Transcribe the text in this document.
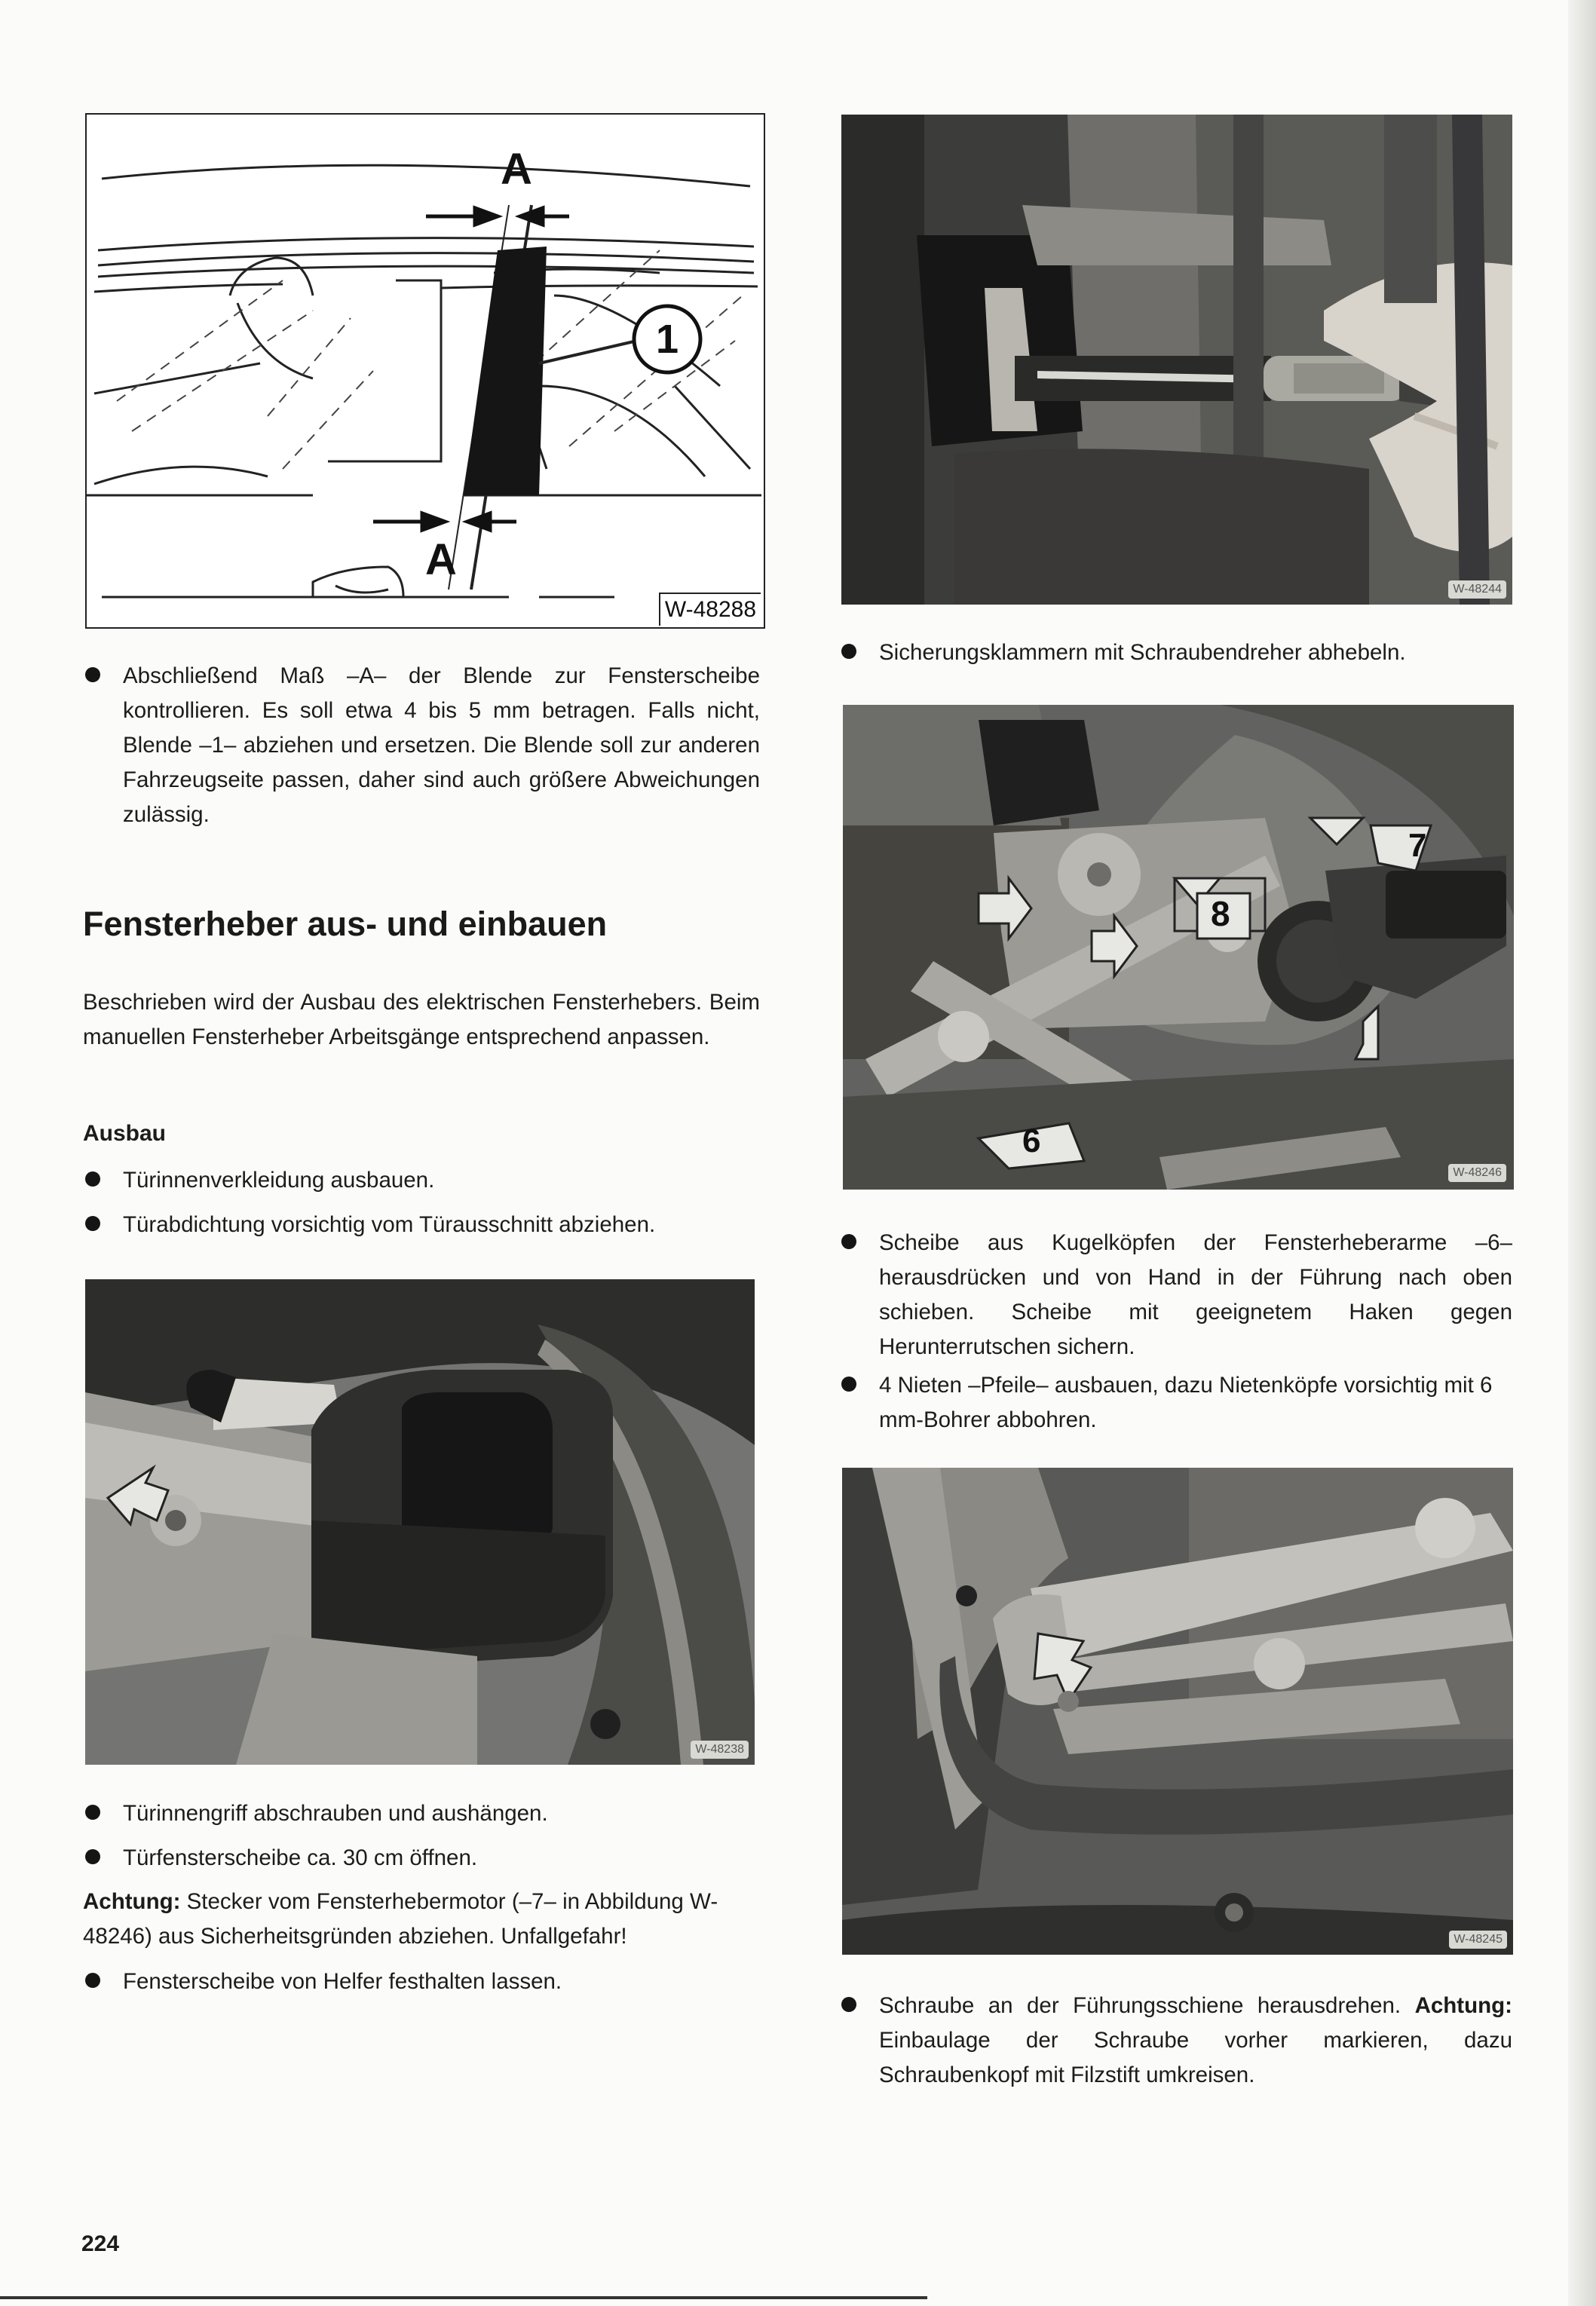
1
A
A
W-48288
W-48244
Abschließend Maß –A– der Blende zur Fensterscheibe kontrollieren. Es soll etwa 4 bis 5 mm betragen. Falls nicht, Blende –1– abziehen und ersetzen. Die Blende soll zur anderen Fahrzeugseite passen, daher sind auch größere Abweichungen zulässig.
Fensterheber aus- und einbauen
Beschrieben wird der Ausbau des elektrischen Fensterhebers. Beim manuellen Fensterheber Arbeitsgänge entsprechend anpassen.
Ausbau
Türinnenverkleidung ausbauen.
Türabdichtung vorsichtig vom Türausschnitt abziehen.
7
8
6
W-48246
Sicherungsklammern mit Schraubendreher abhebeln.
Scheibe aus Kugelköpfen der Fensterheberarme –6– herausdrücken und von Hand in der Führung nach oben schieben. Scheibe mit geeignetem Haken gegen Herunterrutschen sichern.
4 Nieten –Pfeile– ausbauen, dazu Nietenköpfe vorsichtig mit 6 mm-Bohrer abbohren.
W-48238
W-48245
Türinnengriff abschrauben und aushängen.
Türfensterscheibe ca. 30 cm öffnen.
Achtung: Stecker vom Fensterhebermotor (–7– in Abbildung W-48246) aus Sicherheitsgründen abziehen. Unfallgefahr!
Fensterscheibe von Helfer festhalten lassen.
Schraube an der Führungsschiene herausdrehen. Achtung: Einbaulage der Schraube vorher markieren, dazu Schraubenkopf mit Filzstift umkreisen.
224
